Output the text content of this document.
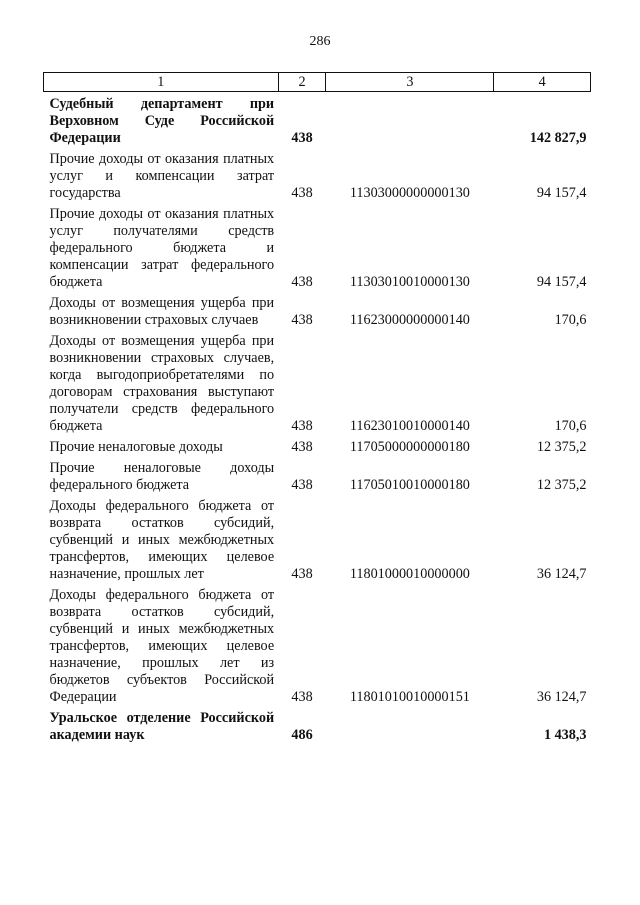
286
1	2	3	4
Судебный департамент при Верховном Суде Российской Федерации	438		142 827,9
Прочие доходы от оказания платных услуг и компенсации затрат государства	438	11303000000000130	94 157,4
Прочие доходы от оказания платных услуг получателями средств федерального бюджета и компенсации затрат федерального бюджета	438	11303010010000130	94 157,4
Доходы от возмещения ущерба при возникновении страховых случаев	438	11623000000000140	170,6
Доходы от возмещения ущерба при возникновении страховых случаев, когда выгодоприобретателями по договорам страхования выступают получатели средств федерального бюджета	438	11623010010000140	170,6
Прочие неналоговые доходы	438	11705000000000180	12 375,2
Прочие неналоговые доходы федерального бюджета	438	11705010010000180	12 375,2
Доходы федерального бюджета от возврата остатков субсидий, субвенций и иных межбюджетных трансфертов, имеющих целевое назначение, прошлых лет	438	11801000010000000	36 124,7
Доходы федерального бюджета от возврата остатков субсидий, субвенций и иных межбюджетных трансфертов, имеющих целевое назначение, прошлых лет из бюджетов субъектов Российской Федерации	438	11801010010000151	36 124,7
Уральское отделение Российской академии наук	486		1 438,3
